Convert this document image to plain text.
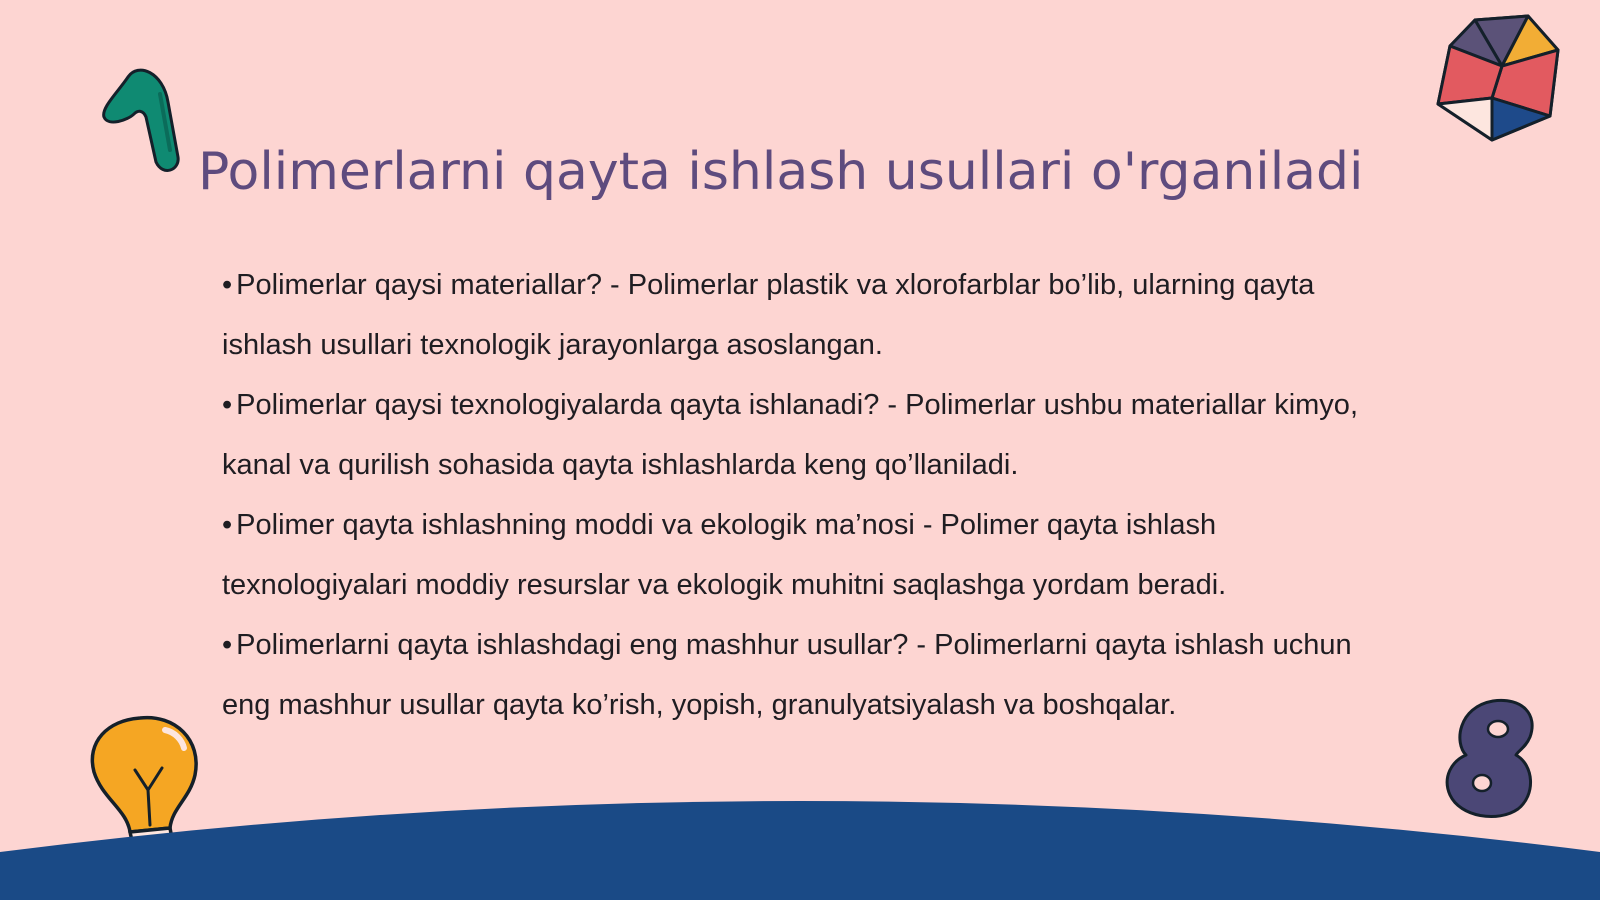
Polimerlarni qayta ishlash usullari o'rganiladi
• Polimerlar qaysi materiallar? - Polimerlar plastik va xlorofarblar bo’lib, ularning qayta ishlash usullari texnologik jarayonlarga asoslangan.
• Polimerlar qaysi texnologiyalarda qayta ishlanadi? - Polimerlar ushbu materiallar kimyo, kanal va qurilish sohasida qayta ishlashlarda keng qo’llaniladi.
• Polimer qayta ishlashning moddi va ekologik ma’nosi - Polimer qayta ishlash texnologiyalari moddiy resurslar va ekologik muhitni saqlashga yordam beradi.
• Polimerlarni qayta ishlashdagi eng mashhur usullar? - Polimerlarni qayta ishlash uchun eng mashhur usullar qayta ko’rish, yopish, granulyatsiyalash va boshqalar.
